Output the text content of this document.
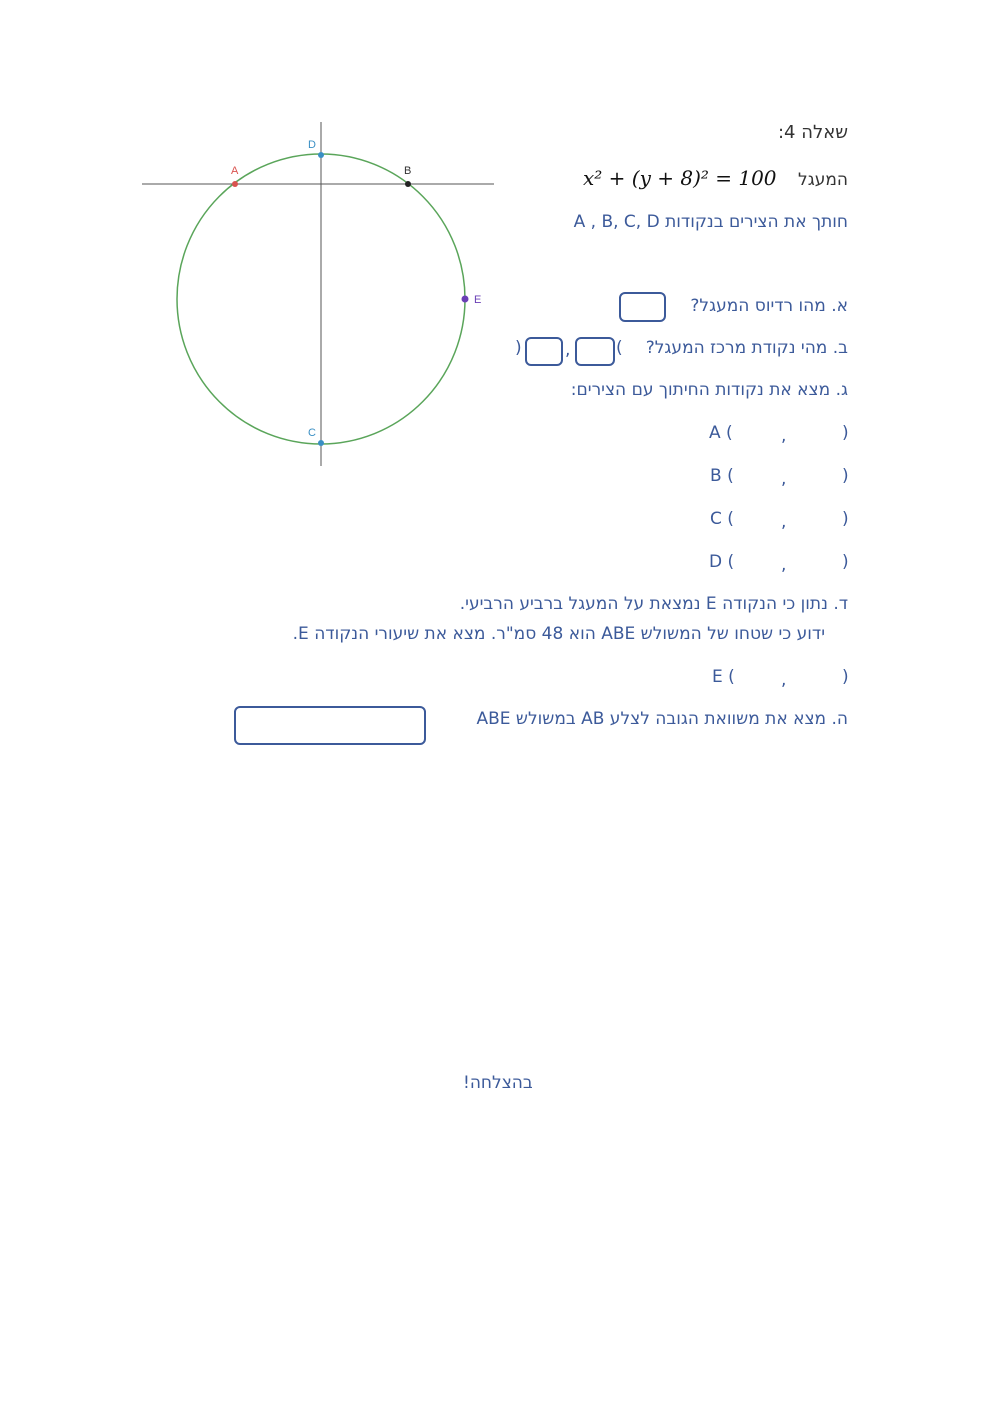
A	B
D
C
E
שאלה 4:
המעגל
x² + (y + 8)² = 100
חותך את הצירים בנקודות A , B, C, D
א. מהו רדיוס המעגל?
ב. מהי נקודת מרכז המעגל?
(
,
)
ג. מצא את נקודות החיתוך עם הצירים:
A (	,	)
B (	,	)
C (	,	)
D (	,	)
ד. נתון כי הנקודה E נמצאת על המעגל ברביע הרביעי.
ידוע כי שטחו של המשולש ABE הוא 48 סמ"ר. מצא את שיעורי הנקודה E.
E (	,	)
ה. מצא את משוואת הגובה לצלע AB במשולש ABE
בהצלחה!
